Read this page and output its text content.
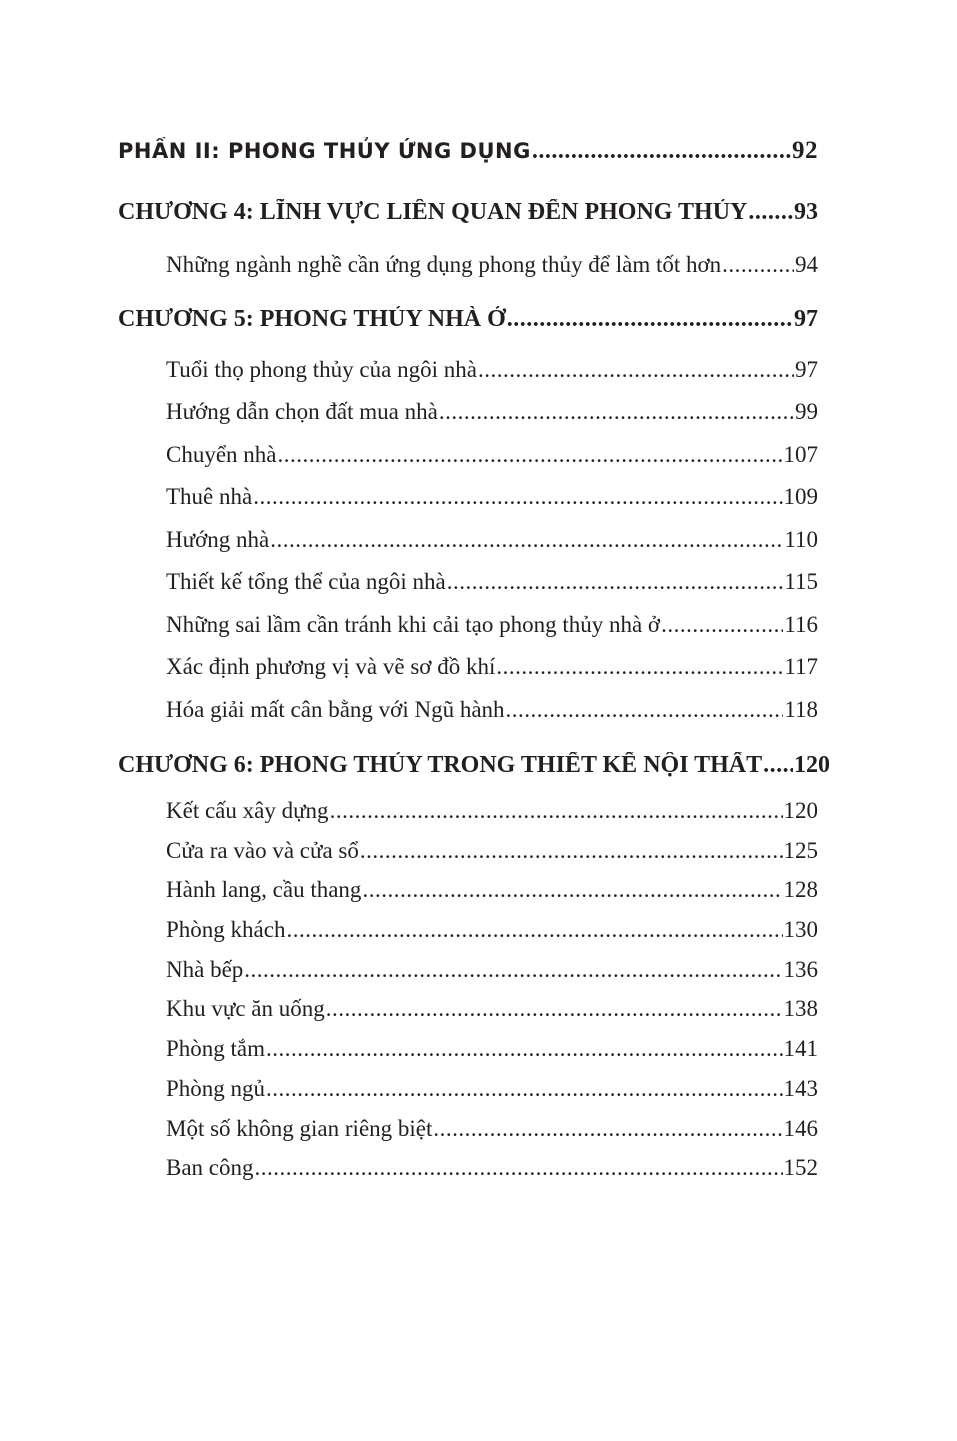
PHẦN II: PHONG THỦY ỨNG DỤNG .....	92
CHƯƠNG 4: LĨNH VỰC LIÊN QUAN ĐẾN PHONG THỦY ..... 93
Những ngành nghề cần ứng dụng phong thủy để làm tốt hơn .....	94
CHƯƠNG 5: PHONG THỦY NHÀ Ở .....	97
Tuổi thọ phong thủy của ngôi nhà .....	97
Hướng dẫn chọn đất mua nhà .....	99
Chuyển nhà .....	107
Thuê nhà .....	109
Hướng nhà .....	110
Thiết kế tổng thể của ngôi nhà .....	115
Những sai lầm cần tránh khi cải tạo phong thủy nhà ở .....	116
Xác định phương vị và vẽ sơ đồ khí .....	117
Hóa giải mất cân bằng với Ngũ hành .....	118
CHƯƠNG 6: PHONG THỦY TRONG THIẾT KẾ NỘI THẤT ..... 120
Kết cấu xây dựng .....	120
Cửa ra vào và cửa sổ .....	125
Hành lang, cầu thang .....	128
Phòng khách .....	130
Nhà bếp .....	136
Khu vực ăn uống .....	138
Phòng tắm .....	141
Phòng ngủ .....	143
Một số không gian riêng biệt .....	146
Ban công .....	152
